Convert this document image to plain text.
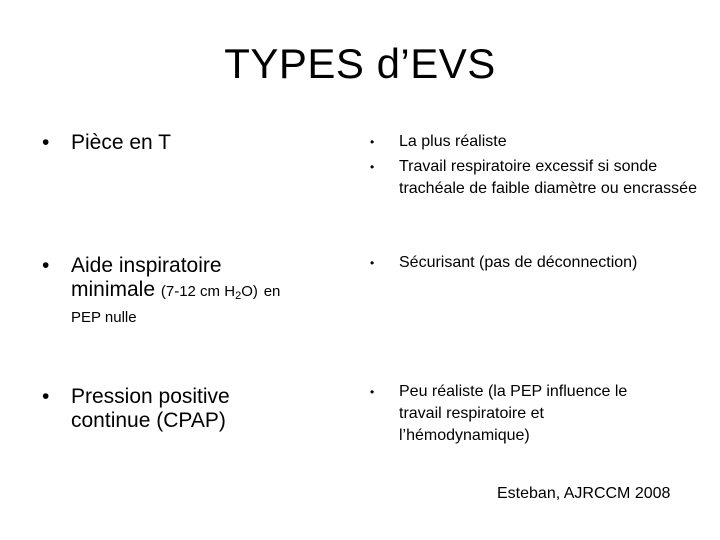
TYPES d’EVS
• Pièce en T
• Aide inspiratoire
minimale (7-12 cm $H_2O$) en
PEP nulle
• Pression positive
continue (CPAP)
• La plus réaliste
• Travail respiratoire excessif si sonde trachéale de faible diamètre ou encrassée
• Sécurisant (pas de déconnection)
• Peu réaliste (la PEP influence le travail respiratoire et l’hémodynamique)
Esteban, AJRCCM 2008
